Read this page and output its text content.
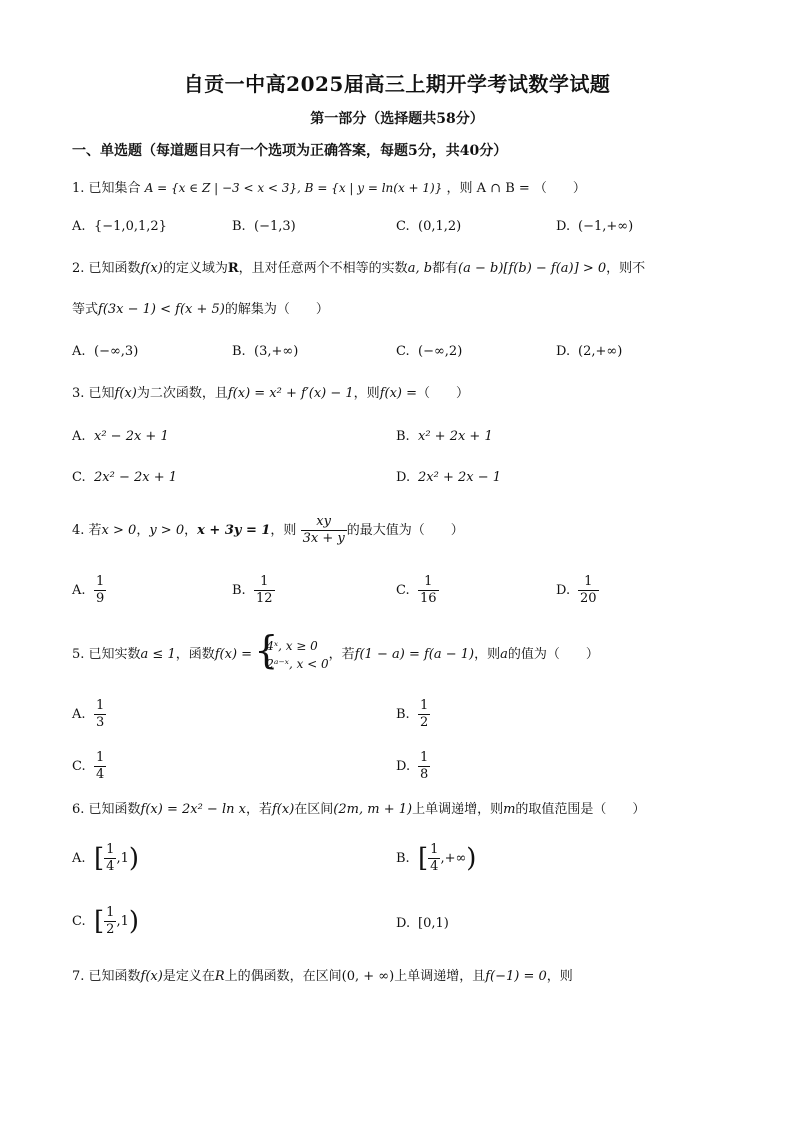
自贡一中高2025届高三上期开学考试数学试题
第一部分（选择题共58分）
一、单选题（每道题目只有一个选项为正确答案，每题5分，共40分）
1. 已知集合 A = {x ∈ Z | −3 < x < 3}, B = {x | y = ln(x + 1)} ，则 A ∩ B = （　　）
A. {−1,0,1,2}	B. (−1,3)	C. (0,1,2)	D. (−1,+∞)
2. 已知函数f(x)的定义域为R，且对任意两个不相等的实数a, b都有(a − b)[f(b) − f(a)] > 0，则不
等式f(3x − 1) < f(x + 5)的解集为（　　）
A. (−∞,3)	B. (3,+∞)	C. (−∞,2)	D. (2,+∞)
3. 已知f(x)为二次函数，且f(x) = x² + f′(x) − 1，则f(x) =（　　）
A. x² − 2x + 1	B. x² + 2x + 1
C. 2x² − 2x + 1	D. 2x² + 2x − 1
4. 若x > 0，y > 0，x + 3y = 1，则 $\frac{xy}{3x + y}$ 的最大值为（　　）
A. $\frac{1}{9}$	B. $\frac{1}{12}$	C. $\frac{1}{16}$	D. $\frac{1}{20}$
5. 已知实数a ≤ 1，函数f(x) =
{ 4ˣ, x ≥ 0
2ᵃ⁻ˣ, x < 0
，若f(1 − a) = f(a − 1)，则a的值为（　　）
A. $\frac{1}{3}$	B. $\frac{1}{2}$
C. $\frac{1}{4}$	D. $\frac{1}{8}$
6. 已知函数f(x) = 2x² − ln x，若f(x)在区间(2m, m + 1)上单调递增，则m的取值范围是（　　）
A. [ $\frac{1}{4} ,1$)	B. [ $\frac{1}{4}$ ,+∞)
C. [ $\frac{1}{2} ,1$)	D. [0,1)
7. 已知函数f(x)是定义在R上的偶函数，在区间(0, + ∞)上单调递增，且f(−1) = 0，则
